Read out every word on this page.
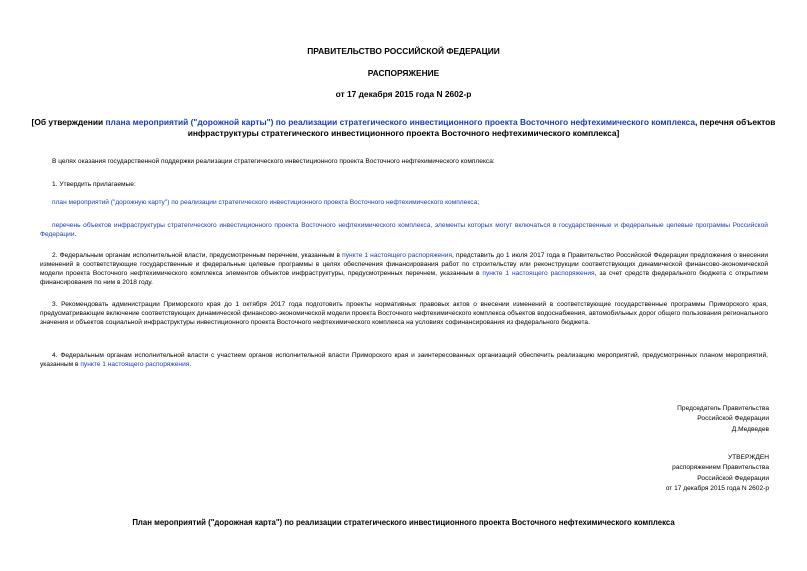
ПРАВИТЕЛЬСТВО РОССИЙСКОЙ ФЕДЕРАЦИИ
РАСПОРЯЖЕНИЕ
от 17 декабря 2015 года N 2602-р
[Об утверждении плана мероприятий ("дорожной карты") по реализации стратегического инвестиционного проекта Восточного нефтехимического комплекса, перечня объектов инфраструктуры стратегического инвестиционного проекта Восточного нефтехимического комплекса]
В целях оказания государственной поддержки реализации стратегического инвестиционного проекта Восточного нефтехимического комплекса:
1. Утвердить прилагаемые:
план мероприятий ("дорожную карту") по реализации стратегического инвестиционного проекта Восточного нефтехимического комплекса;
перечень объектов инфраструктуры стратегического инвестиционного проекта Восточного нефтехимического комплекса, элементы которых могут включаться в государственные и федеральные целевые программы Российской Федерации.
2. Федеральным органам исполнительной власти, предусмотренным перечнем, указанным в пункте 1 настоящего распоряжения, представить до 1 июля 2017 года в Правительство Российской Федерации предложения о внесении изменений в соответствующие государственные и федеральные целевые программы в целях обеспечения финансирования работ по строительству или реконструкции соответствующих динамической финансово-экономической модели проекта Восточного нефтехимического комплекса элементов объектов инфраструктуры, предусмотренных перечнем, указанным в пункте 1 настоящего распоряжения, за счет средств федерального бюджета с открытием финансирования по ним в 2018 году.
3. Рекомендовать администрации Приморского края до 1 октября 2017 года подготовить проекты нормативных правовых актов о внесении изменений в соответствующие государственные программы Приморского края, предусматривающие включение соответствующих динамической финансово-экономической модели проекта Восточного нефтехимического комплекса объектов водоснабжения, автомобильных дорог общего пользования регионального значения и объектов социальной инфраструктуры инвестиционного проекта Восточного нефтехимического комплекса на условиях софинансирования из федерального бюджета.
4. Федеральным органам исполнительной власти с участием органов исполнительной власти Приморского края и заинтересованных организаций обеспечить реализацию мероприятий, предусмотренных планом мероприятий, указанным в пункте 1 настоящего распоряжения.
Председатель Правительства
Российской Федерации
Д.Медведев
УТВЕРЖДЕН
распоряжением Правительства
Российской Федерации
от 17 декабря 2015 года N 2602-р
План мероприятий ("дорожная карта") по реализации стратегического инвестиционного проекта Восточного нефтехимического комплекса
